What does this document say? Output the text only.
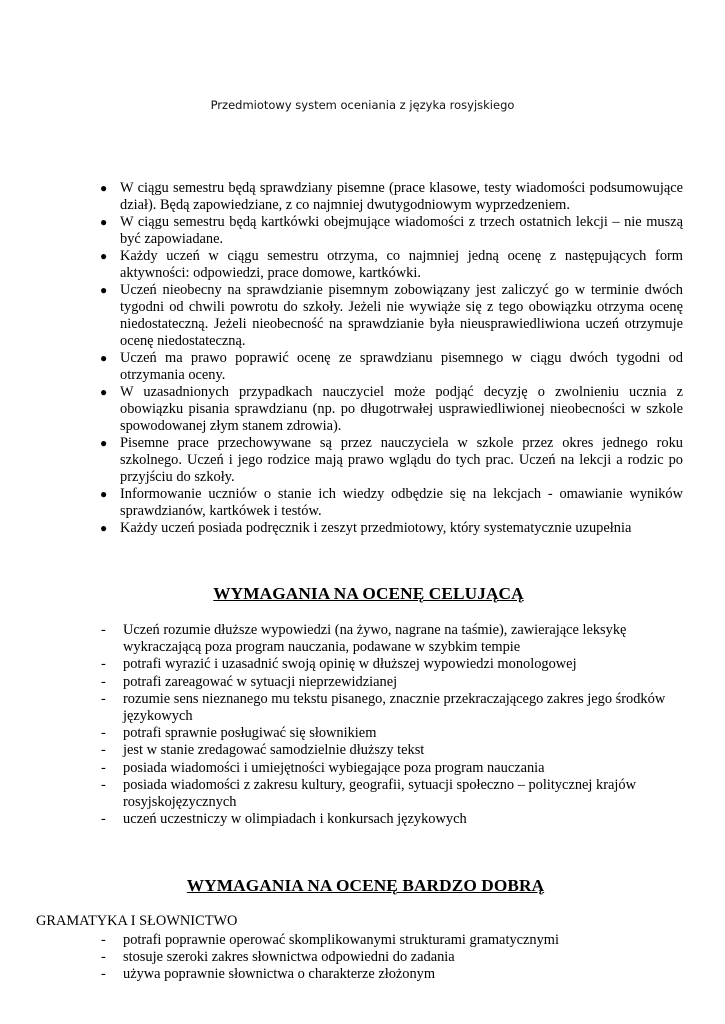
Przedmiotowy system oceniania z języka rosyjskiego
● W ciągu semestru będą sprawdziany pisemne (prace klasowe, testy wiadomości podsumowujące dział). Będą zapowiedziane, z co najmniej dwutygodniowym wyprzedzeniem.
● W ciągu semestru będą kartkówki obejmujące wiadomości z trzech ostatnich lekcji – nie muszą być zapowiadane.
● Każdy uczeń w ciągu semestru otrzyma, co najmniej jedną ocenę z następujących form aktywności: odpowiedzi, prace domowe, kartkówki.
● Uczeń nieobecny na sprawdzianie pisemnym zobowiązany jest zaliczyć go w terminie dwóch tygodni od chwili powrotu do szkoły. Jeżeli nie wywiąże się z tego obowiązku otrzyma ocenę niedostateczną. Jeżeli nieobecność na sprawdzianie była nieusprawiedliwiona uczeń otrzymuje ocenę niedostateczną.
● Uczeń ma prawo poprawić ocenę ze sprawdzianu pisemnego w ciągu dwóch tygodni od otrzymania oceny.
● W uzasadnionych przypadkach nauczyciel może podjąć decyzję o zwolnieniu ucznia z obowiązku pisania sprawdzianu (np. po długotrwałej usprawiedliwionej nieobecności w szkole spowodowanej złym stanem zdrowia).
● Pisemne prace przechowywane są przez nauczyciela w szkole przez okres jednego roku szkolnego. Uczeń i jego rodzice mają prawo wglądu do tych prac. Uczeń na lekcji a rodzic po przyjściu do szkoły.
● Informowanie uczniów o stanie ich wiedzy odbędzie się na lekcjach - omawianie wyników sprawdzianów, kartkówek i testów.
● Każdy uczeń posiada podręcznik i zeszyt przedmiotowy, który systematycznie uzupełnia
WYMAGANIA NA OCENĘ CELUJĄCĄ
- Uczeń rozumie dłuższe wypowiedzi (na żywo, nagrane na taśmie), zawierające leksykę wykraczającą poza program nauczania, podawane w szybkim tempie
- potrafi wyrazić i uzasadnić swoją opinię w dłuższej wypowiedzi monologowej
- potrafi zareagować w sytuacji nieprzewidzianej
- rozumie sens nieznanego mu tekstu pisanego, znacznie przekraczającego zakres jego środków językowych
- potrafi sprawnie posługiwać się słownikiem
- jest w stanie zredagować samodzielnie dłuższy tekst
- posiada wiadomości i umiejętności wybiegające poza program nauczania
- posiada wiadomości z zakresu kultury, geografii, sytuacji społeczno – politycznej krajów rosyjskojęzycznych
- uczeń uczestniczy w olimpiadach i konkursach językowych
WYMAGANIA NA OCENĘ BARDZO DOBRĄ
GRAMATYKA I SŁOWNICTWO
- potrafi poprawnie operować skomplikowanymi strukturami gramatycznymi
- stosuje szeroki zakres słownictwa odpowiedni do zadania
- używa poprawnie słownictwa o charakterze złożonym
